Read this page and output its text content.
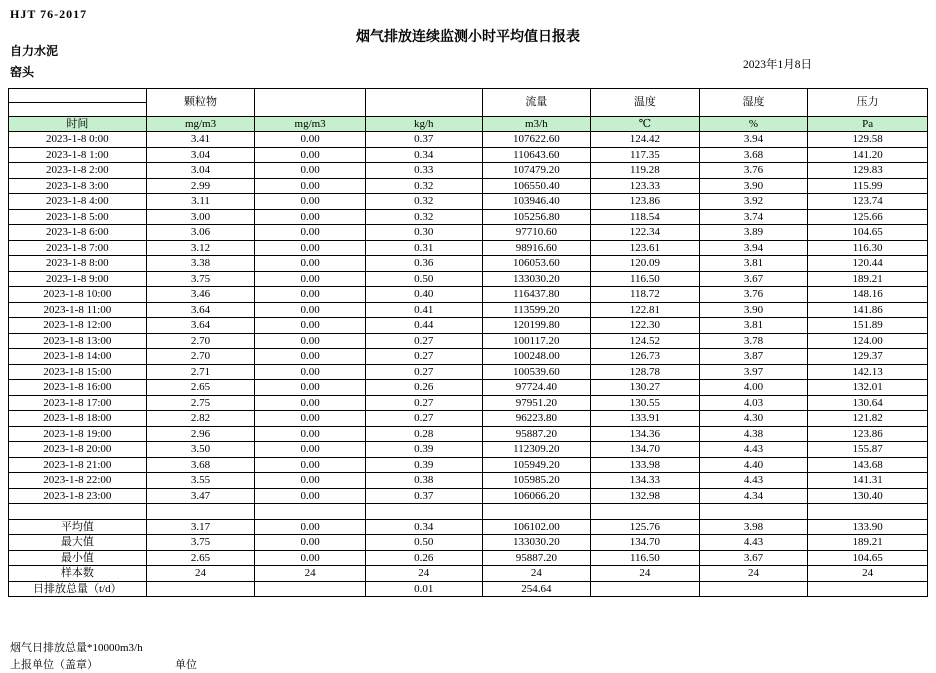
HJT 76-2017
烟气排放连续监测小时平均值日报表
自力水泥
窑头	2023年1月8日
	颗粒物			流量	温度	湿度	压力

时间	mg/m3	mg/m3	kg/h	m3/h	℃	%	Pa
2023-1-8 0:00	3.41	0.00	0.37	107622.60	124.42	3.94	129.58
2023-1-8 1:00	3.04	0.00	0.34	110643.60	117.35	3.68	141.20
2023-1-8 2:00	3.04	0.00	0.33	107479.20	119.28	3.76	129.83
2023-1-8 3:00	2.99	0.00	0.32	106550.40	123.33	3.90	115.99
2023-1-8 4:00	3.11	0.00	0.32	103946.40	123.86	3.92	123.74
2023-1-8 5:00	3.00	0.00	0.32	105256.80	118.54	3.74	125.66
2023-1-8 6:00	3.06	0.00	0.30	97710.60	122.34	3.89	104.65
2023-1-8 7:00	3.12	0.00	0.31	98916.60	123.61	3.94	116.30
2023-1-8 8:00	3.38	0.00	0.36	106053.60	120.09	3.81	120.44
2023-1-8 9:00	3.75	0.00	0.50	133030.20	116.50	3.67	189.21
2023-1-8 10:00	3.46	0.00	0.40	116437.80	118.72	3.76	148.16
2023-1-8 11:00	3.64	0.00	0.41	113599.20	122.81	3.90	141.86
2023-1-8 12:00	3.64	0.00	0.44	120199.80	122.30	3.81	151.89
2023-1-8 13:00	2.70	0.00	0.27	100117.20	124.52	3.78	124.00
2023-1-8 14:00	2.70	0.00	0.27	100248.00	126.73	3.87	129.37
2023-1-8 15:00	2.71	0.00	0.27	100539.60	128.78	3.97	142.13
2023-1-8 16:00	2.65	0.00	0.26	97724.40	130.27	4.00	132.01
2023-1-8 17:00	2.75	0.00	0.27	97951.20	130.55	4.03	130.64
2023-1-8 18:00	2.82	0.00	0.27	96223.80	133.91	4.30	121.82
2023-1-8 19:00	2.96	0.00	0.28	95887.20	134.36	4.38	123.86
2023-1-8 20:00	3.50	0.00	0.39	112309.20	134.70	4.43	155.87
2023-1-8 21:00	3.68	0.00	0.39	105949.20	133.98	4.40	143.68
2023-1-8 22:00	3.55	0.00	0.38	105985.20	134.33	4.43	141.31
2023-1-8 23:00	3.47	0.00	0.37	106066.20	132.98	4.34	130.40

平均值	3.17	0.00	0.34	106102.00	125.76	3.98	133.90
最大值	3.75	0.00	0.50	133030.20	134.70	4.43	189.21
最小值	2.65	0.00	0.26	95887.20	116.50	3.67	104.65
样本数	24	24	24	24	24	24	24
日排放总量（t/d）			0.01	254.64			
烟气日排放总量*10000m3/h
上报单位（盖章）	单位
